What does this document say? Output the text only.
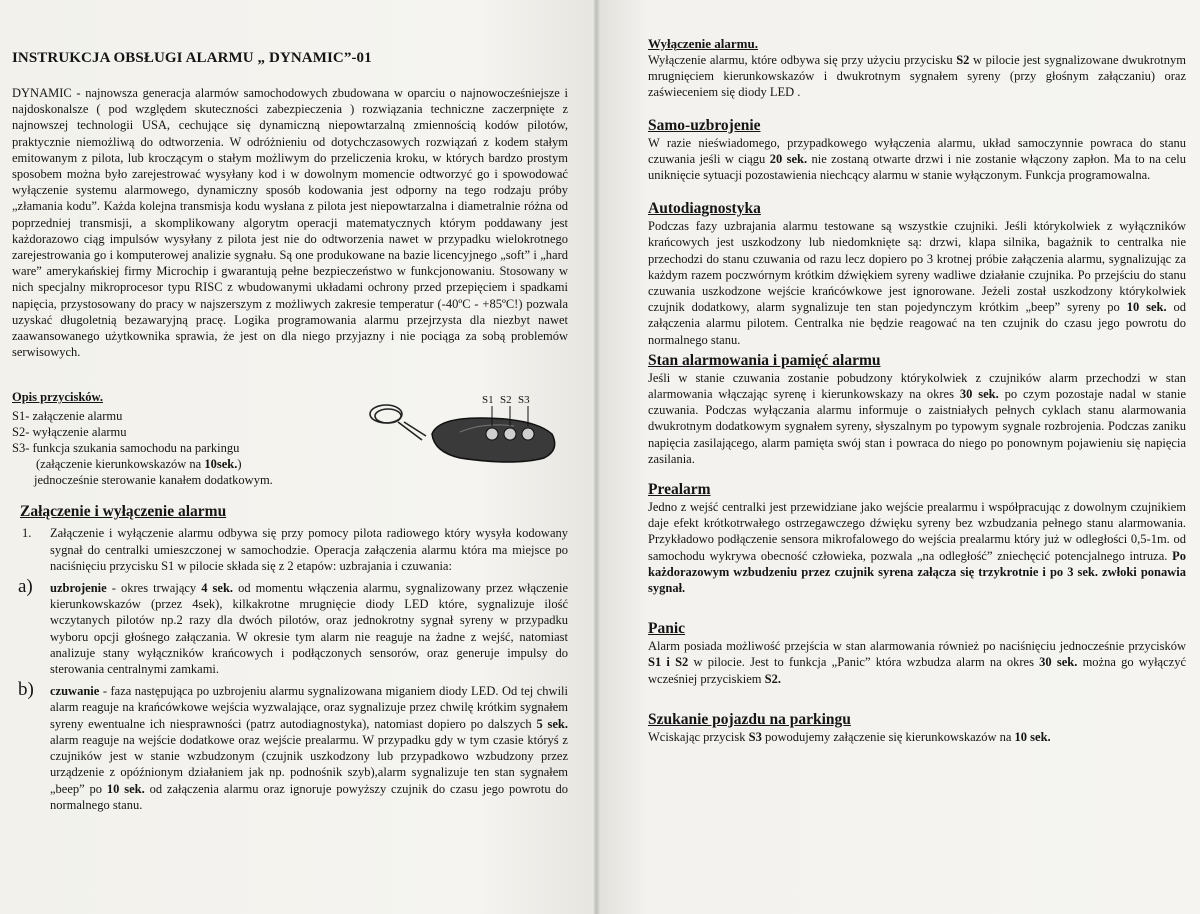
INSTRUKCJA OBSŁUGI ALARMU „ DYNAMIC”-01

DYNAMIC - najnowsza generacja alarmów samochodowych zbudowana w oparciu o najnowocześniejsze i najdoskonalsze ( pod względem skuteczności zabezpieczenia ) rozwiązania techniczne zaczerpnięte z najnowszej technologii USA, cechujące się dynamiczną niepowtarzalną zmiennością kodów pilotów, praktycznie niemożliwą do odtworzenia. W odróżnieniu od dotychczasowych rozwiązań z kodem stałym emitowanym z pilota, lub kroczącym o stałym możliwym do przeliczenia kroku, w których bardzo prostym sposobem można było zarejestrować wysyłany kod i w dowolnym momencie odtworzyć go i spowodować wyłączenie systemu alarmowego, dynamiczny sposób kodowania jest odporny na tego rodzaju próby „złamania kodu”. Każda kolejna transmisja kodu wysłana z pilota jest niepowtarzalna i diametralnie różna od poprzedniej transmisji, a skomplikowany algorytm operacji matematycznych którym poddawany jest każdorazowo ciąg impulsów wysyłany z pilota jest nie do odtworzenia nawet w przypadku wielokrotnego zarejestrowania go i komputerowej analizie sygnału. Są one produkowane na bazie licencyjnego „soft” i „hard ware” amerykańskiej firmy Microchip i gwarantują pełne bezpieczeństwo w funkcjonowaniu. Stosowany w nich specjalny mikroprocesor typu RISC z wbudowanymi układami ochrony przed przepięciem i spadkami napięcia, przystosowany do pracy w najszerszym z możliwych zakresie temperatur (-40ºC - +85ºC!) pozwala uzyskać długoletnią bezawaryjną pracę. Logika programowania alarmu przejrzysta dla niezbyt nawet zaawansowanego użytkownika sprawia, że jest on dla niego przyjazny i nie pociąga za sobą problemów serwisowych.

Opis przycisków.
S1- załączenie alarmu
S2- wyłączenie alarmu
S3- funkcja szukania samochodu na parkingu
(załączenie kierunkowskazów na 10sek.)
jednocześnie sterowanie kanałem dodatkowym.
S1 S2 S3
Załączenie i wyłączenie alarmu
1. Załączenie i wyłączenie alarmu odbywa się przy pomocy pilota radiowego który wysyła kodowany sygnał do centralki umieszczonej w samochodzie. Operacja załączenia alarmu która ma miejsce po naciśnięciu przycisku S1 w pilocie składa się z 2 etapów: uzbrajania i czuwania:
a) uzbrojenie - okres trwający 4 sek. od momentu włączenia alarmu, sygnalizowany przez włączenie kierunkowskazów (przez 4sek), kilkakrotne mrugnięcie diody LED które, sygnalizuje ilość wczytanych pilotów np.2 razy dla dwóch pilotów, oraz jednokrotny sygnał syreny w przypadku wyboru opcji głośnego załączania. W okresie tym alarm nie reaguje na żadne z wejść, natomiast analizuje stany wyłączników krańcowych i podłączonych sensorów, oraz generuje impulsy do sterowania centralnymi zamkami.
b) czuwanie - faza następująca po uzbrojeniu alarmu sygnalizowana miganiem diody LED. Od tej chwili alarm reaguje na krańcówkowe wejścia wyzwalające, oraz sygnalizuje przez chwilę krótkim sygnałem syreny ewentualne ich niesprawności (patrz autodiagnostyka), natomiast dopiero po dalszych 5 sek. alarm reaguje na wejście dodatkowe oraz wejście prealarmu. W przypadku gdy w tym czasie któryś z czujników jest w stanie wzbudzonym (czujnik uszkodzony lub przypadkowo wzbudzony przez urządzenie z opóźnionym działaniem jak np. podnośnik szyb),alarm sygnalizuje ten stan sygnałem „beep” po 10 sek. od załączenia alarmu oraz ignoruje powyższy czujnik do czasu jego powrotu do normalnego stanu.
Wyłączenie alarmu.

Wyłączenie alarmu, które odbywa się przy użyciu przycisku S2 w pilocie jest sygnalizowane dwukrotnym mrugnięciem kierunkowskazów i dwukrotnym sygnałem syreny (przy głośnym załączaniu) oraz zaświeceniem się diody LED .

Samo-uzbrojenie

W razie nieświadomego, przypadkowego wyłączenia alarmu, układ samoczynnie powraca do stanu czuwania jeśli w ciągu 20 sek. nie zostaną otwarte drzwi i nie zostanie włączony zapłon. Ma to na celu uniknięcie sytuacji pozostawienia niechcący alarmu w stanie wyłączonym. Funkcja programowalna.

Autodiagnostyka

Podczas fazy uzbrajania alarmu testowane są wszystkie czujniki. Jeśli którykolwiek z wyłączników krańcowych jest uszkodzony lub niedomknięte są: drzwi, klapa silnika, bagażnik to centralka nie przechodzi do stanu czuwania od razu lecz dopiero po 3 krotnej próbie załączenia alarmu, sygnalizując za każdym razem poczwórnym krótkim dźwiękiem syreny wadliwe działanie czujnika. Po przejściu do stanu czuwania uszkodzone wejście krańcówkowe jest ignorowane. Jeżeli został uszkodzony którykolwiek czujnik dodatkowy, alarm sygnalizuje ten stan pojedynczym krótkim „beep” syreny po 10 sek. od załączenia alarmu pilotem. Centralka nie będzie reagować na ten czujnik do czasu jego powrotu do normalnego stanu.

Stan alarmowania i pamięć alarmu

Jeśli w stanie czuwania zostanie pobudzony którykolwiek z czujników alarm przechodzi w stan alarmowania włączając syrenę i kierunkowskazy na okres 30 sek. po czym pozostaje nadal w stanie czuwania. Podczas wyłączania alarmu informuje o zaistniałych pełnych cyklach stanu alarmowania dwukrotnym dodatkowym sygnałem syreny, słyszalnym po typowym sygnale rozbrojenia. Podczas zaniku napięcia zasilającego, alarm pamięta swój stan i powraca do niego po ponownym pojawieniu się napięcia zasilania.

Prealarm

Jedno z wejść centralki jest przewidziane jako wejście prealarmu i współpracując z dowolnym czujnikiem daje efekt krótkotrwałego ostrzegawczego dźwięku syreny bez wzbudzania pełnego stanu alarmowania. Przykładowo podłączenie sensora mikrofalowego do wejścia prealarmu który już w odległości 0,5-1m. od samochodu wykrywa obecność człowieka, pozwala „na odległość” zniechęcić potencjalnego intruza. Po każdorazowym wzbudzeniu przez czujnik syrena załącza się trzykrotnie i po 3 sek. zwłoki ponawia sygnał.

Panic

Alarm posiada możliwość przejścia w stan alarmowania również po naciśnięciu jednocześnie przycisków S1 i S2 w pilocie. Jest to funkcja „Panic” która wzbudza alarm na okres 30 sek. można go wyłączyć wcześniej przyciskiem S2.

Szukanie pojazdu na parkingu

Wciskając przycisk S3 powodujemy załączenie się kierunkowskazów na 10 sek.
